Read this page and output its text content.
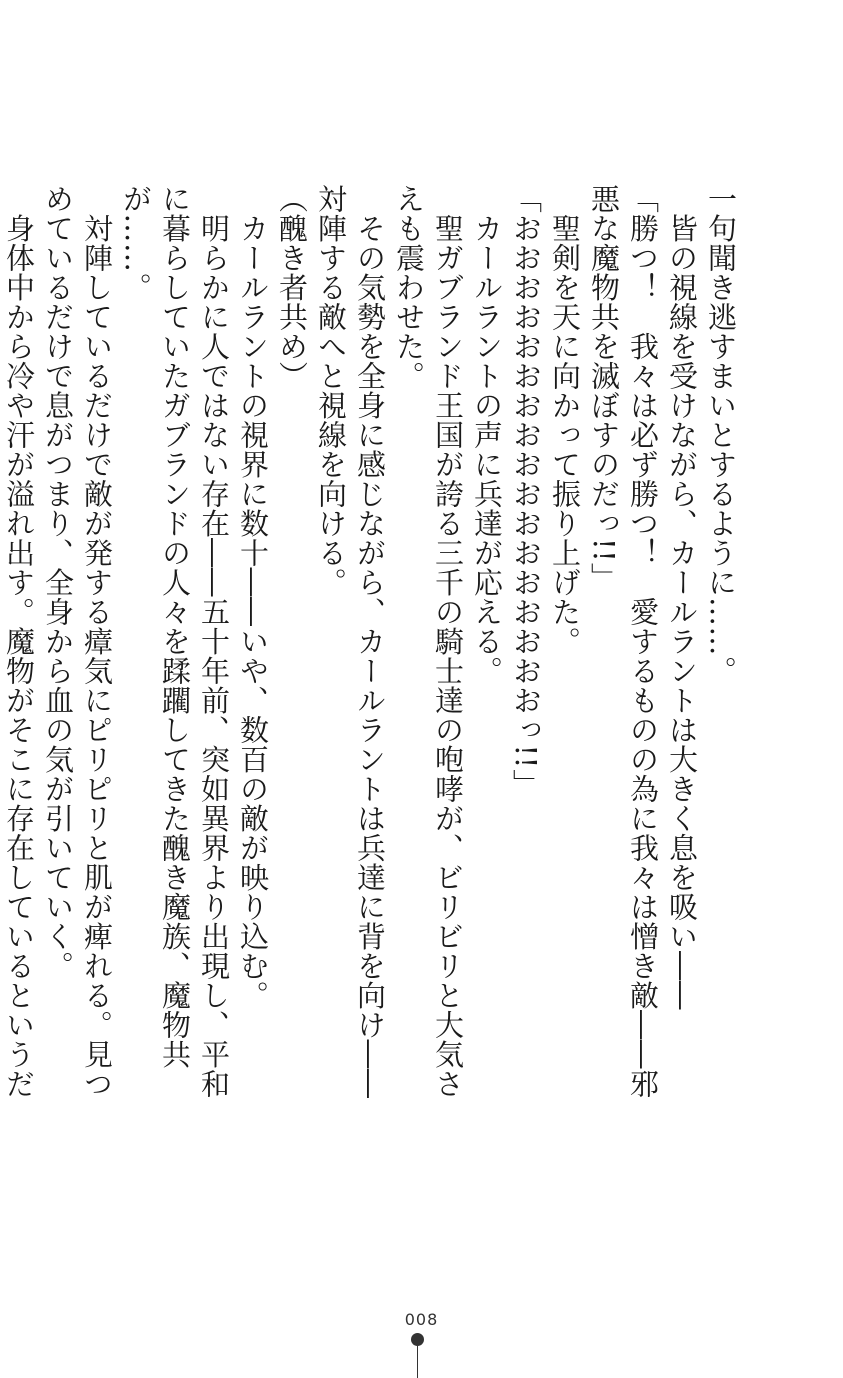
一句聞き逃すまいとするように……。

　皆の視線を受けながら、カールラントは大きく息を吸い――

「勝つ！　我々は必ず勝つ！　愛するものの為に我々は憎き敵――邪悪な魔物共を滅ぼすのだっ!!」

　聖剣を天に向かって振り上げた。

「おおおおおおおおおおおおおおおおおっ!!」

　カールラントの声に兵達が応える。

　聖ガブランド王国が誇る三千の騎士達の咆哮が、ビリビリと大気さえも震わせた。

　その気勢を全身に感じながら、カールラントは兵達に背を向け――対陣する敵へと視線を向ける。

（醜き者共め）

　カールラントの視界に数十――いや、数百の敵が映り込む。

　明らかに人ではない存在――五十年前、突如異界より出現し、平和に暮らしていたガブランドの人々を蹂躙してきた醜き魔族、魔物共が……。

　対陣しているだけで敵が発する瘴気にピリピリと肌が痺れる。見つめているだけで息がつまり、全身から血の気が引いていく。

　身体中から冷や汗が溢れ出す。魔物がそこに存在しているというだ

008
